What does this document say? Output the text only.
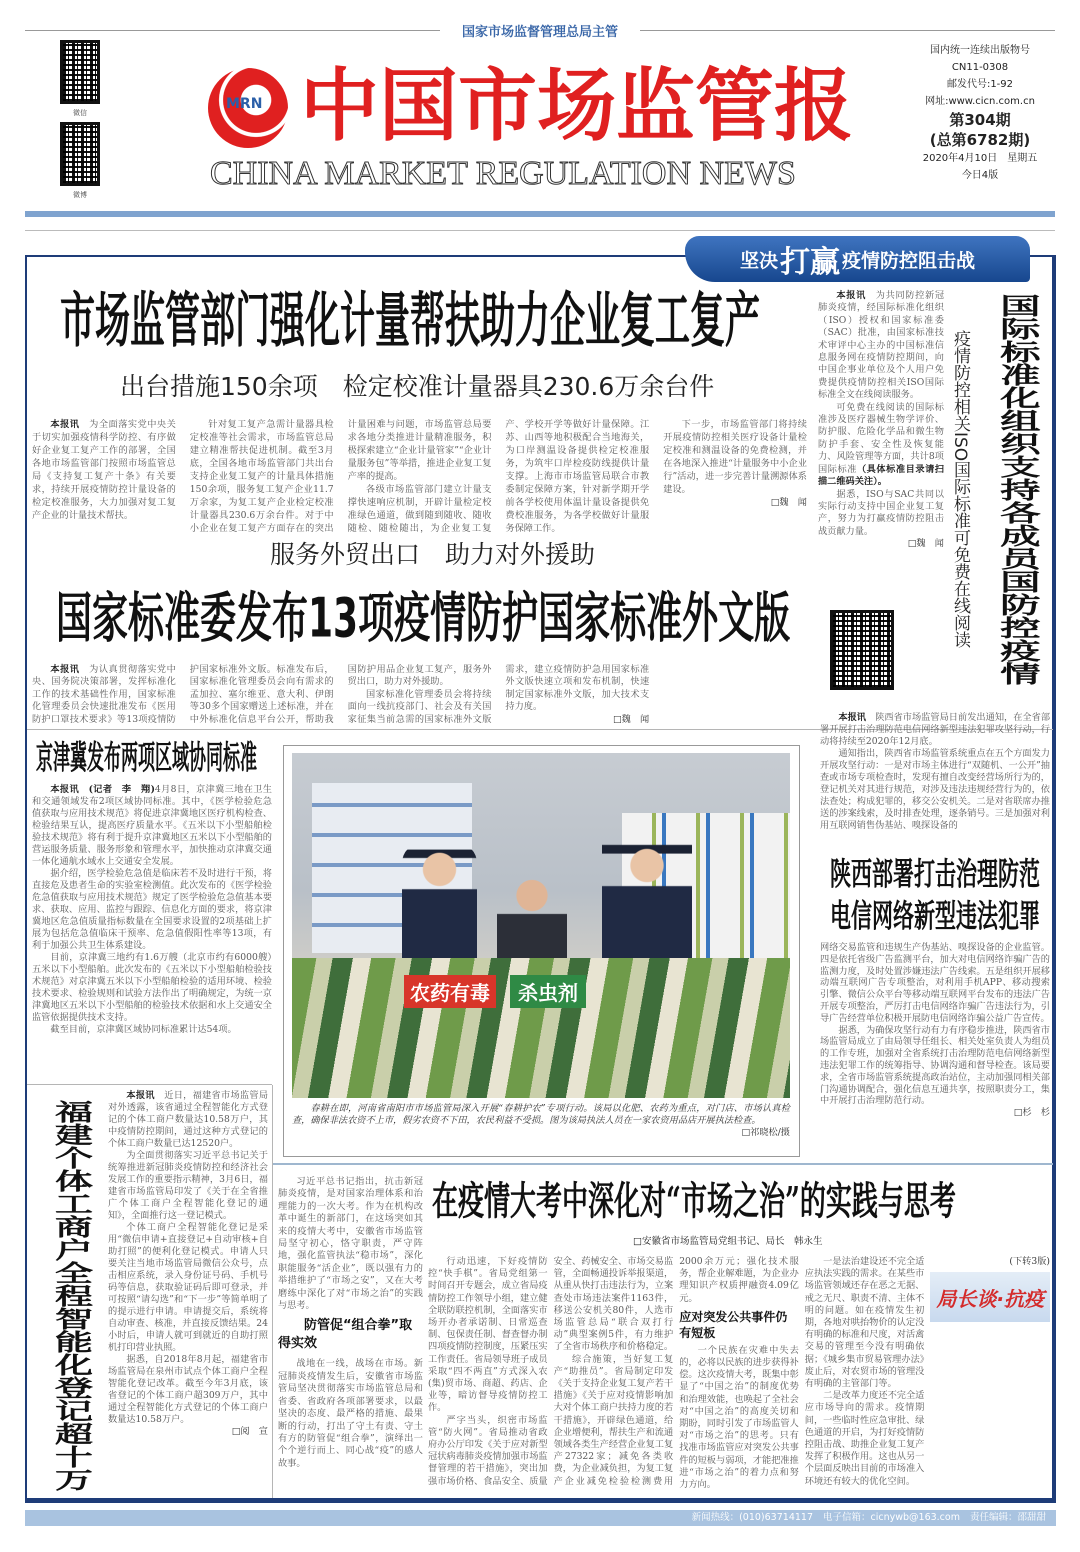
国家市场监督管理总局主管
微信
微博
MRN 中国市场监管报
CHINA MARKET REGULATION NEWS
国内统一连续出版物号
CN11-0308
邮发代号:1-92
网址:www.cicn.com.cn
第304期
(总第6782期)
2020年4月10日　星期五
今日4版
坚决 打赢 疫情防控阻击战
市场监管部门强化计量帮扶助力企业复工复产
出台措施150余项　检定校准计量器具230.6万余台件

本报讯　 为全面落实党中央关于切实加强疫情科学防控、有序做好企业复工复产工作的部署，全国各地市场监管部门按照市场监管总局《支持复工复产十条》有关要求，持续开展疫情防控计量设备的检定校准服务，大力加强对复工复产企业的计量技术帮扶。

针对复工复产急需计量器具检定校准等社会需求，市场监管总局建立精准帮扶促进机制。截至3月底，全国各地市场监管部门共出台支持企业复工复产的计量具体措施150余项，服务复工复产企业11.7万余家，为复工复产企业检定校准计量器具230.6万余台件。对于中小企业在复工复产方面存在的突出计量困难与问题，市场监管总局要求各地分类推进计量精准服务，积极探索建立“企业计量管家”“企业计量服务包”等举措，推进企业复工复产率的提高。

各级市场监管部门建立计量支撑快速响应机制，开辟计量检定校准绿色通道，做到随到随收、随收随检、随检随出，为企业复工复产、学校开学等做好计量保障。江苏、山西等地积极配合当地海关，为口岸测温设备提供检定校准服务，为筑牢口岸检疫防线提供计量支撑。上海市市场监管局联合市教委制定保障方案，针对新学期开学前各学校使用体温计量设备提供免费校准服务，为各学校做好计量服务保障工作。

下一步，市场监管部门将持续开展疫情防控相关医疗设备计量检定校准和测温设备的免费检测，并在各地深入推进“计量服务中小企业行”活动，进一步完善计量溯源体系建设。

□魏　闻

服务外贸出口　助力对外援助
国家标准委发布13项疫情防护国家标准外文版

本报讯　 为认真贯彻落实党中央、国务院决策部署，发挥标准化工作的技术基础性作用，国家标准化管理委员会快速批准发布《医用防护口罩技术要求》等13项疫情防护国家标准外文版。标准发布后，国家标准化管理委员会向有需求的孟加拉、塞尔维亚、意大利、伊朗等30多个国家赠送上述标准，并在中外标准化信息平台公开，帮助我国防护用品企业复工复产，服务外贸出口，助力对外援助。

国家标准化管理委员会将持续面向一线抗疫部门、社会及有关国家征集当前急需的国家标准外文版需求，建立疫情防护急用国家标准外文版快速立项和发布机制，快速制定国家标准外文版，加大技术支持力度。

□魏　闻

本报讯　 为共同防控新冠肺炎疫情，经国际标准化组织（ISO）授权和国家标准委（SAC）批准，由国家标准技术审评中心主办的中国标准信息服务网在疫情防控期间，向中国企事业单位及个人用户免费提供疫情防控相关ISO国际标准全文在线阅读服务。

可免费在线阅读的国际标准涉及医疗器械生物学评价、防护服、危险化学品和微生物防护手套、安全性及恢复能力、风险管理等方面，共计8项国际标准（具体标准目录请扫描二维码关注）。

据悉，ISO与SAC共同以实际行动支持中国企业复工复产，努力为打赢疫情防控阻击战贡献力量。

□魏　闻 疫情防控相关ISO国际标准可免费在线阅读 国际标准化组织支持各成员国防控疫情
京津冀发布两项区域协同标准

本报讯　(记者　李　翔)4月8日，京津冀三地在卫生和交通领域发布2项区域协同标准。其中，《医学检验危急值获取与应用技术规范》将促进京津冀地区医疗机构检查、检验结果互认，提高医疗质量水平。《五米以下小型船舶检验技术规范》将有利于提升京津冀地区五米以下小型船舶的营运服务质量、服务形象和管理水平，加快推动京津冀交通一体化通航水域水上交通安全发展。

据介绍，医学检验危急值是临床若不及时进行干预，将直接危及患者生命的实验室检测值。此次发布的《医学检验危急值获取与应用技术规范》规定了医学检验危急值基本要求、获取、应用、监控与跟踪、信息化方面的要求，将京津冀地区危急值质量指标数量在全国要求设置的2项基础上扩展为包括危急值临床干预率、危急值假阳性率等13项，有利于加强公共卫生体系建设。

目前，京津冀三地约有1.6万艘（北京市约有6000艘）五米以下小型船舶。此次发布的《五米以下小型船舶检验技术规范》对京津冀五米以下小型船舶检验的适用环境、检验技术要求、检验规则和试验方法作出了明确规定，为统一京津冀地区五米以下小型船舶的检验技术依据和水上交通安全监管依据提供技术支持。

截至目前，京津冀区域协同标准累计达54项。

农药有毒	杀虫剂

春耕在即，河南省南阳市市场监管局深入开展“春耕护农”专项行动。该局以化肥、农药为重点，对门店、市场认真检查，确保非法农资不上市，假劣农资不下田，农民利益不受损。图为该局执法人员在一家农资用品店开展执法检查。

□祁晓松/摄

本报讯　 陕西省市场监管局日前发出通知，在全省部署开展打击治理防范电信网络新型违法犯罪攻坚行动，行动将持续至2020年12月底。

通知指出，陕西省市场监管系统重点在五个方面发力开展攻坚行动：一是对市场主体进行“双随机、一公开”抽查或市场专项检查时，发现有擅自改变经营场所行为的，登记机关对其进行规范，对涉及违法违规经营行为的，依法查处；构成犯罪的，移交公安机关。二是对省联席办推送的涉案线索，及时排查处理，逐条销号。三是加强对利用互联网销售伪基站、嗅探设备的

陕西部署打击治理防范
电信网络新型违法犯罪

网络交易监管和违规生产伪基站、嗅探设备的企业监管。四是依托省级广告监测平台，加大对电信网络诈骗广告的监测力度，及时处置涉嫌违法广告线索。五是组织开展移动端互联网广告专项整治，对利用手机APP、移动搜索引擎、微信公众平台等移动端互联网平台发布的违法广告开展专项整治，严厉打击电信网络诈骗广告违法行为，引导广告经营单位积极开展防电信网络诈骗公益广告宣传。

据悉，为确保攻坚行动有力有序稳步推进，陕西省市场监管局成立了由局领导任组长、相关处室负责人为组员的工作专班，加强对全省系统打击治理防范电信网络新型违法犯罪工作的统筹指导、协调沟通和督导检查。该局要求，全省市场监管系统提高政治站位，主动加强同相关部门沟通协调配合，强化信息互通共享，按照职责分工，集中开展打击治理防范行动。

□杉　杉

福建个体工商户全程智能化登记超十万

本报讯　 近日，福建省市场监管局对外透露，该省通过全程智能化方式登记的个体工商户数量达10.58万户，其中疫情防控期间，通过这种方式登记的个体工商户数量已达12520户。

为全面贯彻落实习近平总书记关于统筹推进新冠肺炎疫情防控和经济社会发展工作的重要指示精神，3月6日，福建省市场监管局印发了《关于在全省推广个体工商户全程智能化登记的通知》，全面推行这一登记模式。

个体工商户全程智能化登记是采用“微信申请+直接登记+自动审核+自助打照”的便利化登记模式。申请人只要关注当地市场监管局微信公众号，点击相应系统，录入身份证号码、手机号码等信息，获取验证码后即可登录，并可按照“请勾选”和“下一步”等简单明了的提示进行申请。申请提交后，系统将自动审查、核准，并直接反馈结果。24小时后，申请人就可到就近的自助打照机打印营业执照。

据悉，自2018年8月起，福建省市场监管局在泉州市试点个体工商户全程智能化登记改革。截至今年3月底，该省登记的个体工商户超309万户，其中通过全程智能化方式登记的个体工商户数量达10.58万户。

□阅　宣

习近平总书记指出，抗击新冠肺炎疫情，是对国家治理体系和治理能力的一次大考。作为在机构改革中诞生的新部门，在这场突如其来的疫情大考中，安徽省市场监管局坚守初心，恪守职责，严守阵地，强化监管执法“稳市场”，深化职能服务“活企业”，既以强有力的举措维护了“市场之安”，又在大考磨练中深化了对“市场之治”的实践与思考。

防管促“组合拳”取得实效

战地在一线，战场在市场。新冠肺炎疫情发生后，安徽省市场监管局坚决贯彻落实市场监管总局和省委、省政府各项部署要求，以最坚决的态度、最严格的措施、最果断的行动，打出了守土有责、守土有方的防管促“组合拳”，演绎出一个个逆行而上、同心战“疫”的感人故事。

在疫情大考中深化对“市场之治”的实践与思考
□安徽省市场监管局党组书记、局长　韩永生

行动迅速，下好疫情防控“快手棋”。省局党组第一时间召开专题会，成立省局疫情防控工作领导小组，建立健全联防联控机制，全面落实市场开办者承诺制、日常巡查制、包保责任制、督查督办制四项疫情防控制度，压紧压实工作责任。省局领导班子成员采取“四不两直”方式深入农(集)贸市场、商超、药店、企业等，暗访督导疫情防控工作。

严字当头，织密市场监管“防火网”。省局推动省政府办公厅印发《关于应对新型冠状病毒肺炎疫情加强市场监督管理的若干措施》，突出加强市场价格、食品安全、质量安全、药械安全、市场交易监管，全面畅通投诉举报渠道，从重从快打击违法行为，立案查处市场违法案件1163件，移送公安机关80件，人选市场监管总局“联合双打行动”典型案例5件，有力维护了全省市场秩序和价格稳定。

综合施策，当好复工复产“助推员”。省局制定印发《关于支持企业复工复产若干措施》《关于应对疫情影响加大对个体工商户扶持力度的若干措施》，开辟绿色通道，给企业增便利，帮扶生产和流通领域各类生产经营企业复工复产27322家；减免各类收费，为企业减负担，为复工复产企业减免检验检测费用2000余万元；强化技术服务，帮企业解难题，为企业办理知识产权质押融资4.09亿元。

应对突发公共事件仍有短板

一个民族在灾难中失去的，必将以民族的进步获得补偿。这次疫情大考，既集中彰显了“中国之治”的制度优势和治理效能，也唤起了全社会对“中国之治”的高度关切和期盼，同时引发了市场监管人对“市场之治”的思考。只有找准市场监管应对突发公共事件的短板与弱项，才能把准推进“市场之治”的着力点和努力方向。

一是法治建设还不完全适应执法实践的需求。在某些市场监管领域还存在恶之无据、戒之无尺、职责不清、主体不明的问题。如在疫情发生初期，各地对哄抬物价的认定没有明确的标准和尺度，对活禽交易的管理至今没有明确依据；《城乡集市贸易管理办法》废止后，对农贸市场的管理没有明确的主管部门等。

二是改革力度还不完全适应市场导向的需求。疫情期间，一些临时性应急审批、绿色通道的开启，为打好疫情防控阻击战、助推企业复工复产发挥了积极作用。这也从另一个层面反映出目前的市场准入环境还有较大的优化空间。

(下转3版)

局长谈·抗疫
新闻热线：(010)63714117 电子信箱：cicnywb@163.com 责任编辑：邵甜甜
